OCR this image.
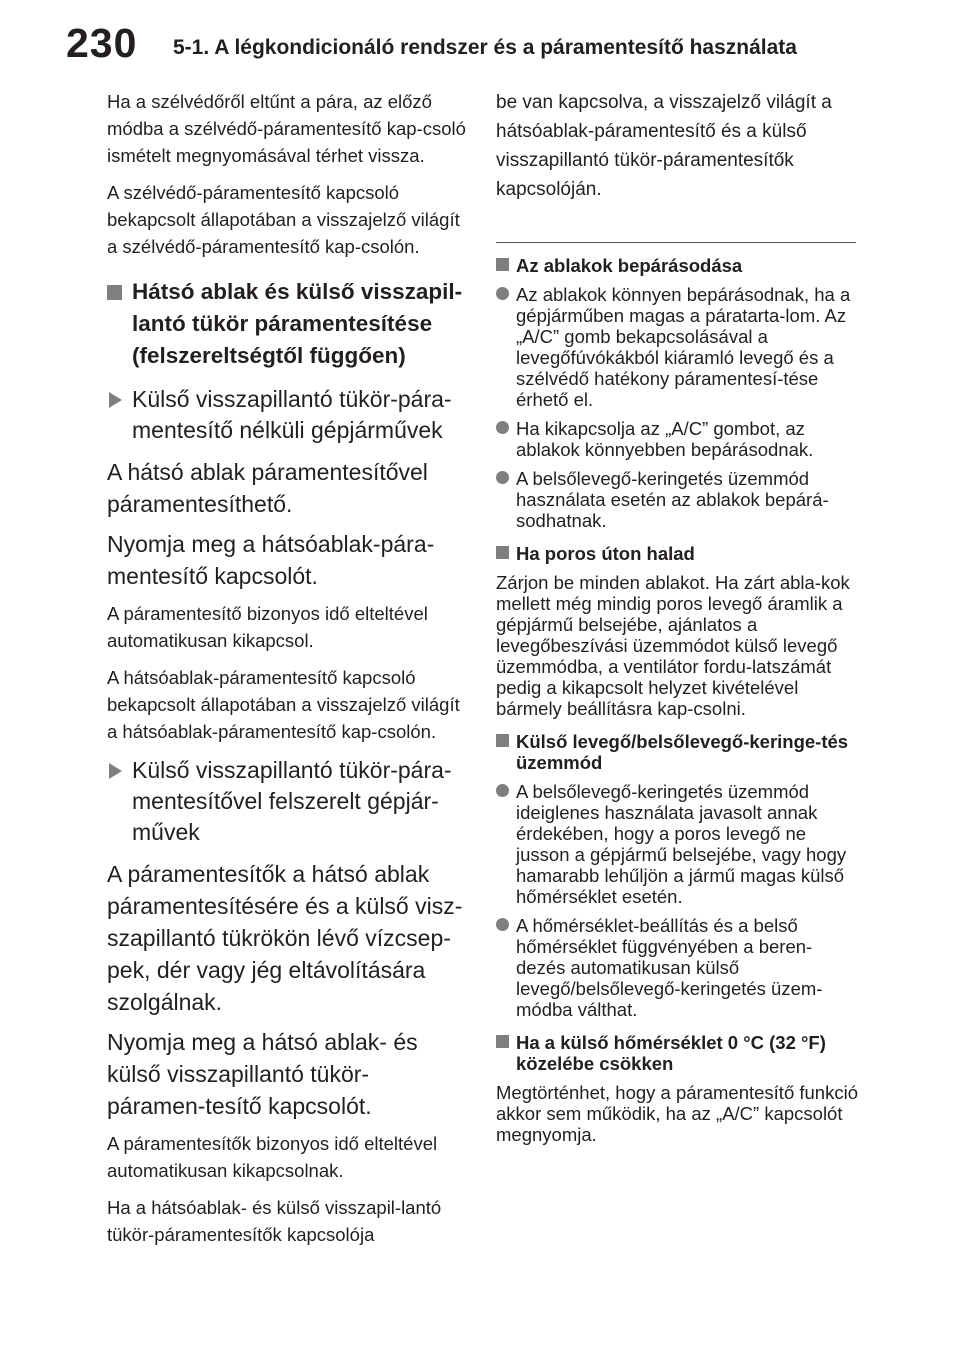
230 5-1. A légkondicionáló rendszer és a páramentesítő használata

Ha a szélvédőről eltűnt a pára, az előző módba a szélvédő-páramentesítő kap-csoló ismételt megnyomásával térhet vissza.

A szélvédő-páramentesítő kapcsoló bekapcsolt állapotában a visszajelző világít a szélvédő-páramentesítő kap-csolón.

Hátsó ablak és külső visszapil-lantó tükör páramentesítése (felszereltségtől függően)
Külső visszapillantó tükör-pára-mentesítő nélküli gépjárművek

A hátsó ablak páramentesítővel páramentesíthető.

Nyomja meg a hátsóablak-pára-mentesítő kapcsolót.

A páramentesítő bizonyos idő elteltével automatikusan kikapcsol.

A hátsóablak-páramentesítő kapcsoló bekapcsolt állapotában a visszajelző világít a hátsóablak-páramentesítő kap-csolón.

Külső visszapillantó tükör-pára-mentesítővel felszerelt gépjár-művek

A páramentesítők a hátsó ablak páramentesítésére és a külső visz-szapillantó tükrökön lévő vízcsep-pek, dér vagy jég eltávolítására szolgálnak.

Nyomja meg a hátsó ablak- és külső visszapillantó tükör-páramen-tesítő kapcsolót.

A páramentesítők bizonyos idő elteltével automatikusan kikapcsolnak.

Ha a hátsóablak- és külső visszapil-lantó tükör-páramentesítők kapcsolója

be van kapcsolva, a visszajelző világít a hátsóablak-páramentesítő és a külső visszapillantó tükör-páramentesítők kapcsolóján.

Az ablakok bepárásodása
Az ablakok könnyen bepárásodnak, ha a gépjárműben magas a páratarta-lom. Az „A/C” gomb bekapcsolásával a levegőfúvókákból kiáramló levegő és a szélvédő hatékony páramentesí-tése érhető el.
Ha kikapcsolja az „A/C” gombot, az ablakok könnyebben bepárásodnak.
A belsőlevegő-keringetés üzemmód használata esetén az ablakok bepárá-sodhatnak.
Ha poros úton halad

Zárjon be minden ablakot. Ha zárt abla-kok mellett még mindig poros levegő áramlik a gépjármű belsejébe, ajánlatos a levegőbeszívási üzemmódot külső levegő üzemmódba, a ventilátor fordu-latszámát pedig a kikapcsolt helyzet kivételével bármely beállításra kap-csolni.

Külső levegő/belsőlevegő-keringe-tés üzemmód
A belsőlevegő-keringetés üzemmód ideiglenes használata javasolt annak érdekében, hogy a poros levegő ne jusson a gépjármű belsejébe, vagy hogy hamarabb lehűljön a jármű magas külső hőmérséklet esetén.
A hőmérséklet-beállítás és a belső hőmérséklet függvényében a beren-dezés automatikusan külső levegő/belsőlevegő-keringetés üzem-módba válthat.
Ha a külső hőmérséklet 0 °C (32 °F) közelébe csökken

Megtörténhet, hogy a páramentesítő funkció akkor sem működik, ha az „A/C” kapcsolót megnyomja.
